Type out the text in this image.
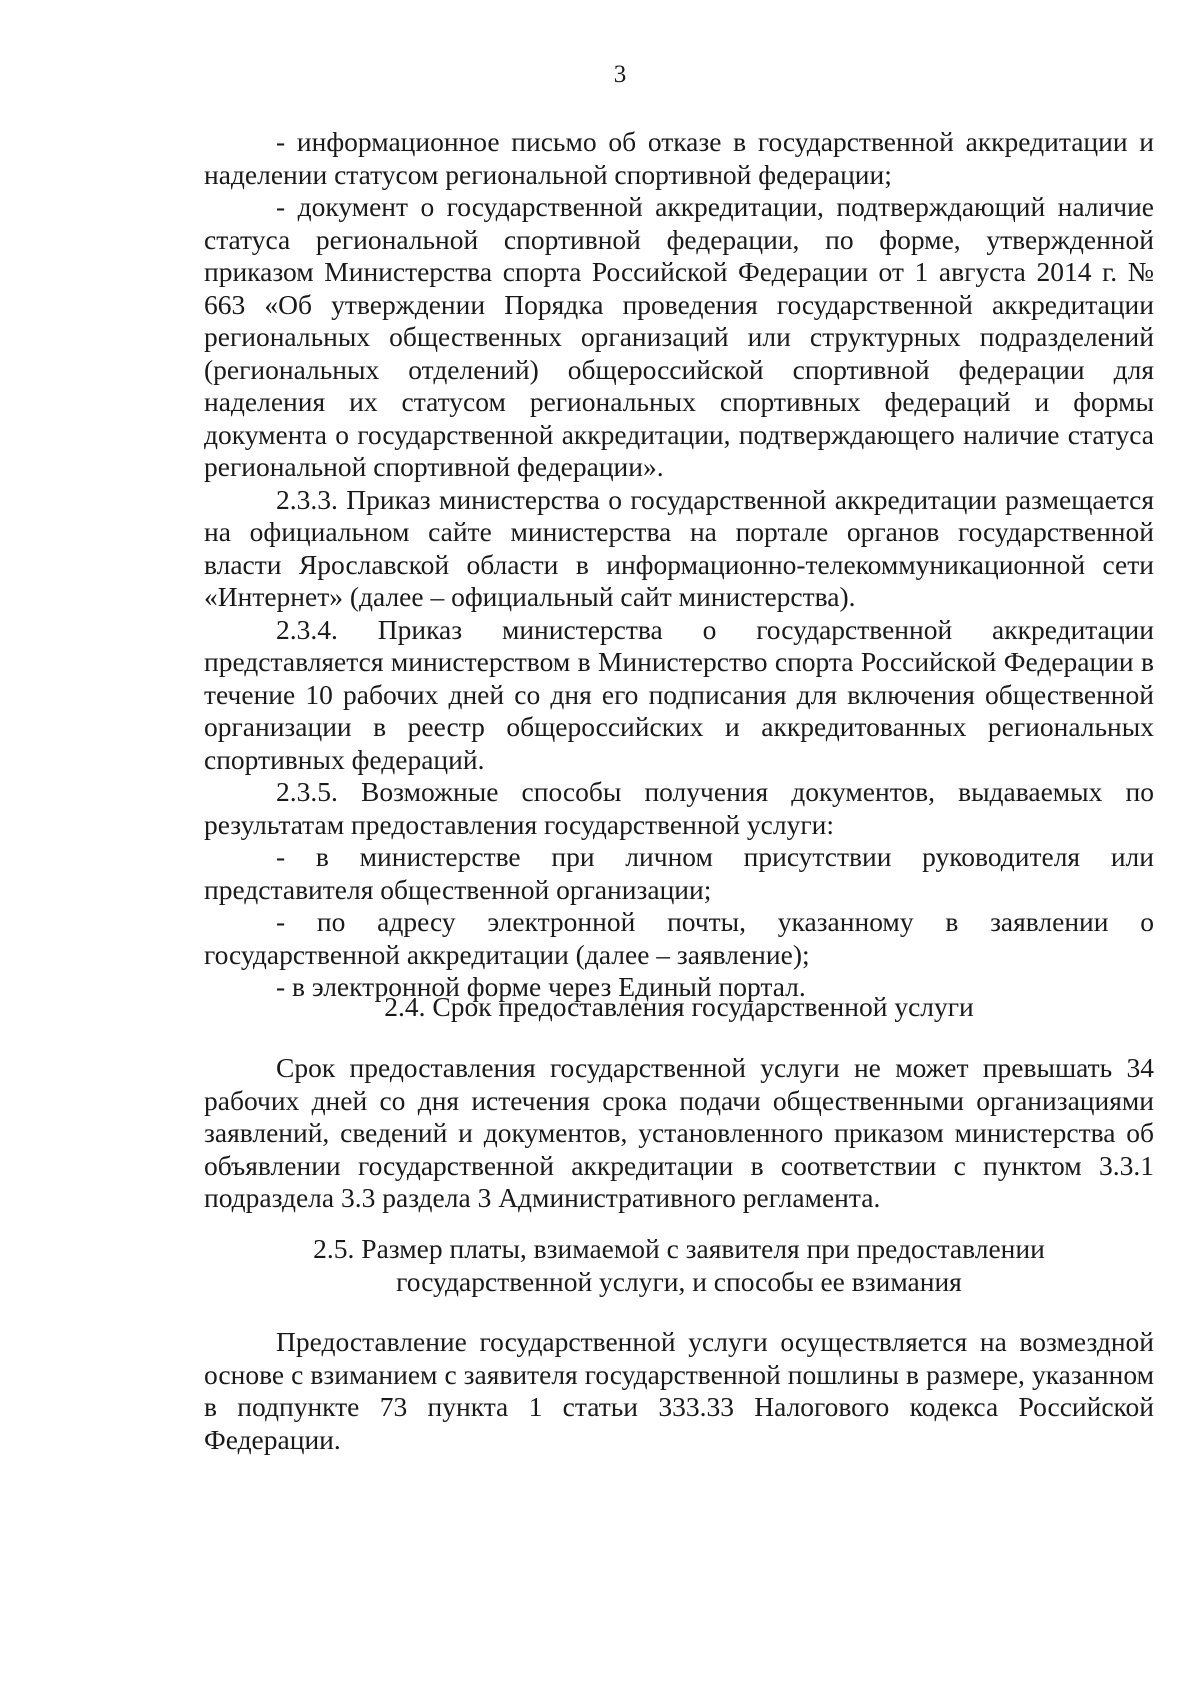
3

- информационное письмо об отказе в государственной аккредитации и наделении статусом региональной спортивной федерации;

- документ о государственной аккредитации, подтверждающий наличие статуса региональной спортивной федерации, по форме, утвержденной приказом Министерства спорта Российской Федерации от 1 августа 2014 г. № 663 «Об утверждении Порядка проведения государственной аккредитации региональных общественных организаций или структурных подразделений (региональных отделений) общероссийской спортивной федерации для наделения их статусом региональных спортивных федераций и формы документа о государственной аккредитации, подтверждающего наличие статуса региональной спортивной федерации».

2.3.3. Приказ министерства о государственной аккредитации размещается на официальном сайте министерства на портале органов государственной власти Ярославской области в информационно-телекоммуникационной сети «Интернет» (далее – официальный сайт министерства).

2.3.4. Приказ министерства о государственной аккредитации представляется министерством в Министерство спорта Российской Федерации в течение 10 рабочих дней со дня его подписания для включения общественной организации в реестр общероссийских и аккредитованных региональных спортивных федераций.

2.3.5. Возможные способы получения документов, выдаваемых по результатам предоставления государственной услуги:

- в министерстве при личном присутствии руководителя или представителя общественной организации;

- по адресу электронной почты, указанному в заявлении о государственной аккредитации (далее – заявление);

- в электронной форме через Единый портал.

2.4. Срок предоставления государственной услуги

Срок предоставления государственной услуги не может превышать 34 рабочих дней со дня истечения срока подачи общественными организациями заявлений, сведений и документов, установленного приказом министерства об объявлении государственной аккредитации в соответствии с пунктом 3.3.1 подраздела 3.3 раздела 3 Административного регламента.

2.5. Размер платы, взимаемой с заявителя при предоставлении
государственной услуги, и способы ее взимания

Предоставление государственной услуги осуществляется на возмездной основе с взиманием с заявителя государственной пошлины в размере, указанном в подпункте 73 пункта 1 статьи 333.33 Налогового кодекса Российской Федерации.
